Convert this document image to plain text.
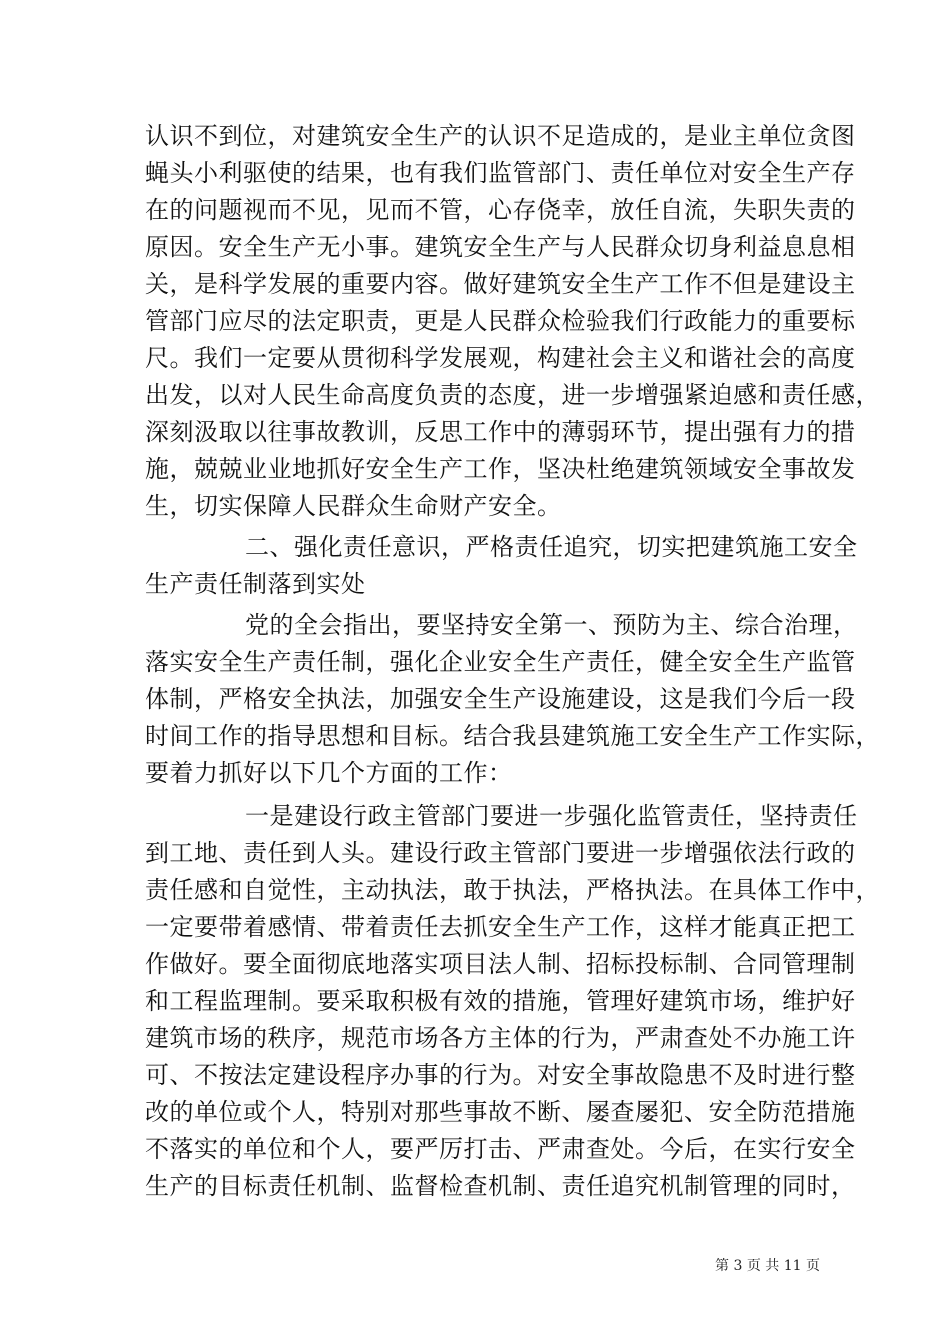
认识不到位，对建筑安全生产的认识不足造成的，是业主单位贪图
蝇头小利驱使的结果，也有我们监管部门、责任单位对安全生产存
在的问题视而不见，见而不管，心存侥幸，放任自流，失职失责的
原因。安全生产无小事。建筑安全生产与人民群众切身利益息息相
关，是科学发展的重要内容。做好建筑安全生产工作不但是建设主
管部门应尽的法定职责，更是人民群众检验我们行政能力的重要标
尺。我们一定要从贯彻科学发展观，构建社会主义和谐社会的高度
出发，以对人民生命高度负责的态度，进一步增强紧迫感和责任感，
深刻汲取以往事故教训，反思工作中的薄弱环节，提出强有力的措
施，兢兢业业地抓好安全生产工作，坚决杜绝建筑领域安全事故发
生，切实保障人民群众生命财产安全。
二、强化责任意识，严格责任追究，切实把建筑施工安全
生产责任制落到实处
党的全会指出，要坚持安全第一、预防为主、综合治理，
落实安全生产责任制，强化企业安全生产责任，健全安全生产监管
体制，严格安全执法，加强安全生产设施建设，这是我们今后一段
时间工作的指导思想和目标。结合我县建筑施工安全生产工作实际，
要着力抓好以下几个方面的工作：
一是建设行政主管部门要进一步强化监管责任，坚持责任
到工地、责任到人头。建设行政主管部门要进一步增强依法行政的
责任感和自觉性，主动执法，敢于执法，严格执法。在具体工作中，
一定要带着感情、带着责任去抓安全生产工作，这样才能真正把工
作做好。要全面彻底地落实项目法人制、招标投标制、合同管理制
和工程监理制。要采取积极有效的措施，管理好建筑市场，维护好
建筑市场的秩序，规范市场各方主体的行为，严肃查处不办施工许
可、不按法定建设程序办事的行为。对安全事故隐患不及时进行整
改的单位或个人，特别对那些事故不断、屡查屡犯、安全防范措施
不落实的单位和个人，要严厉打击、严肃查处。今后，在实行安全
生产的目标责任机制、监督检查机制、责任追究机制管理的同时，
第 3 页 共 11 页
